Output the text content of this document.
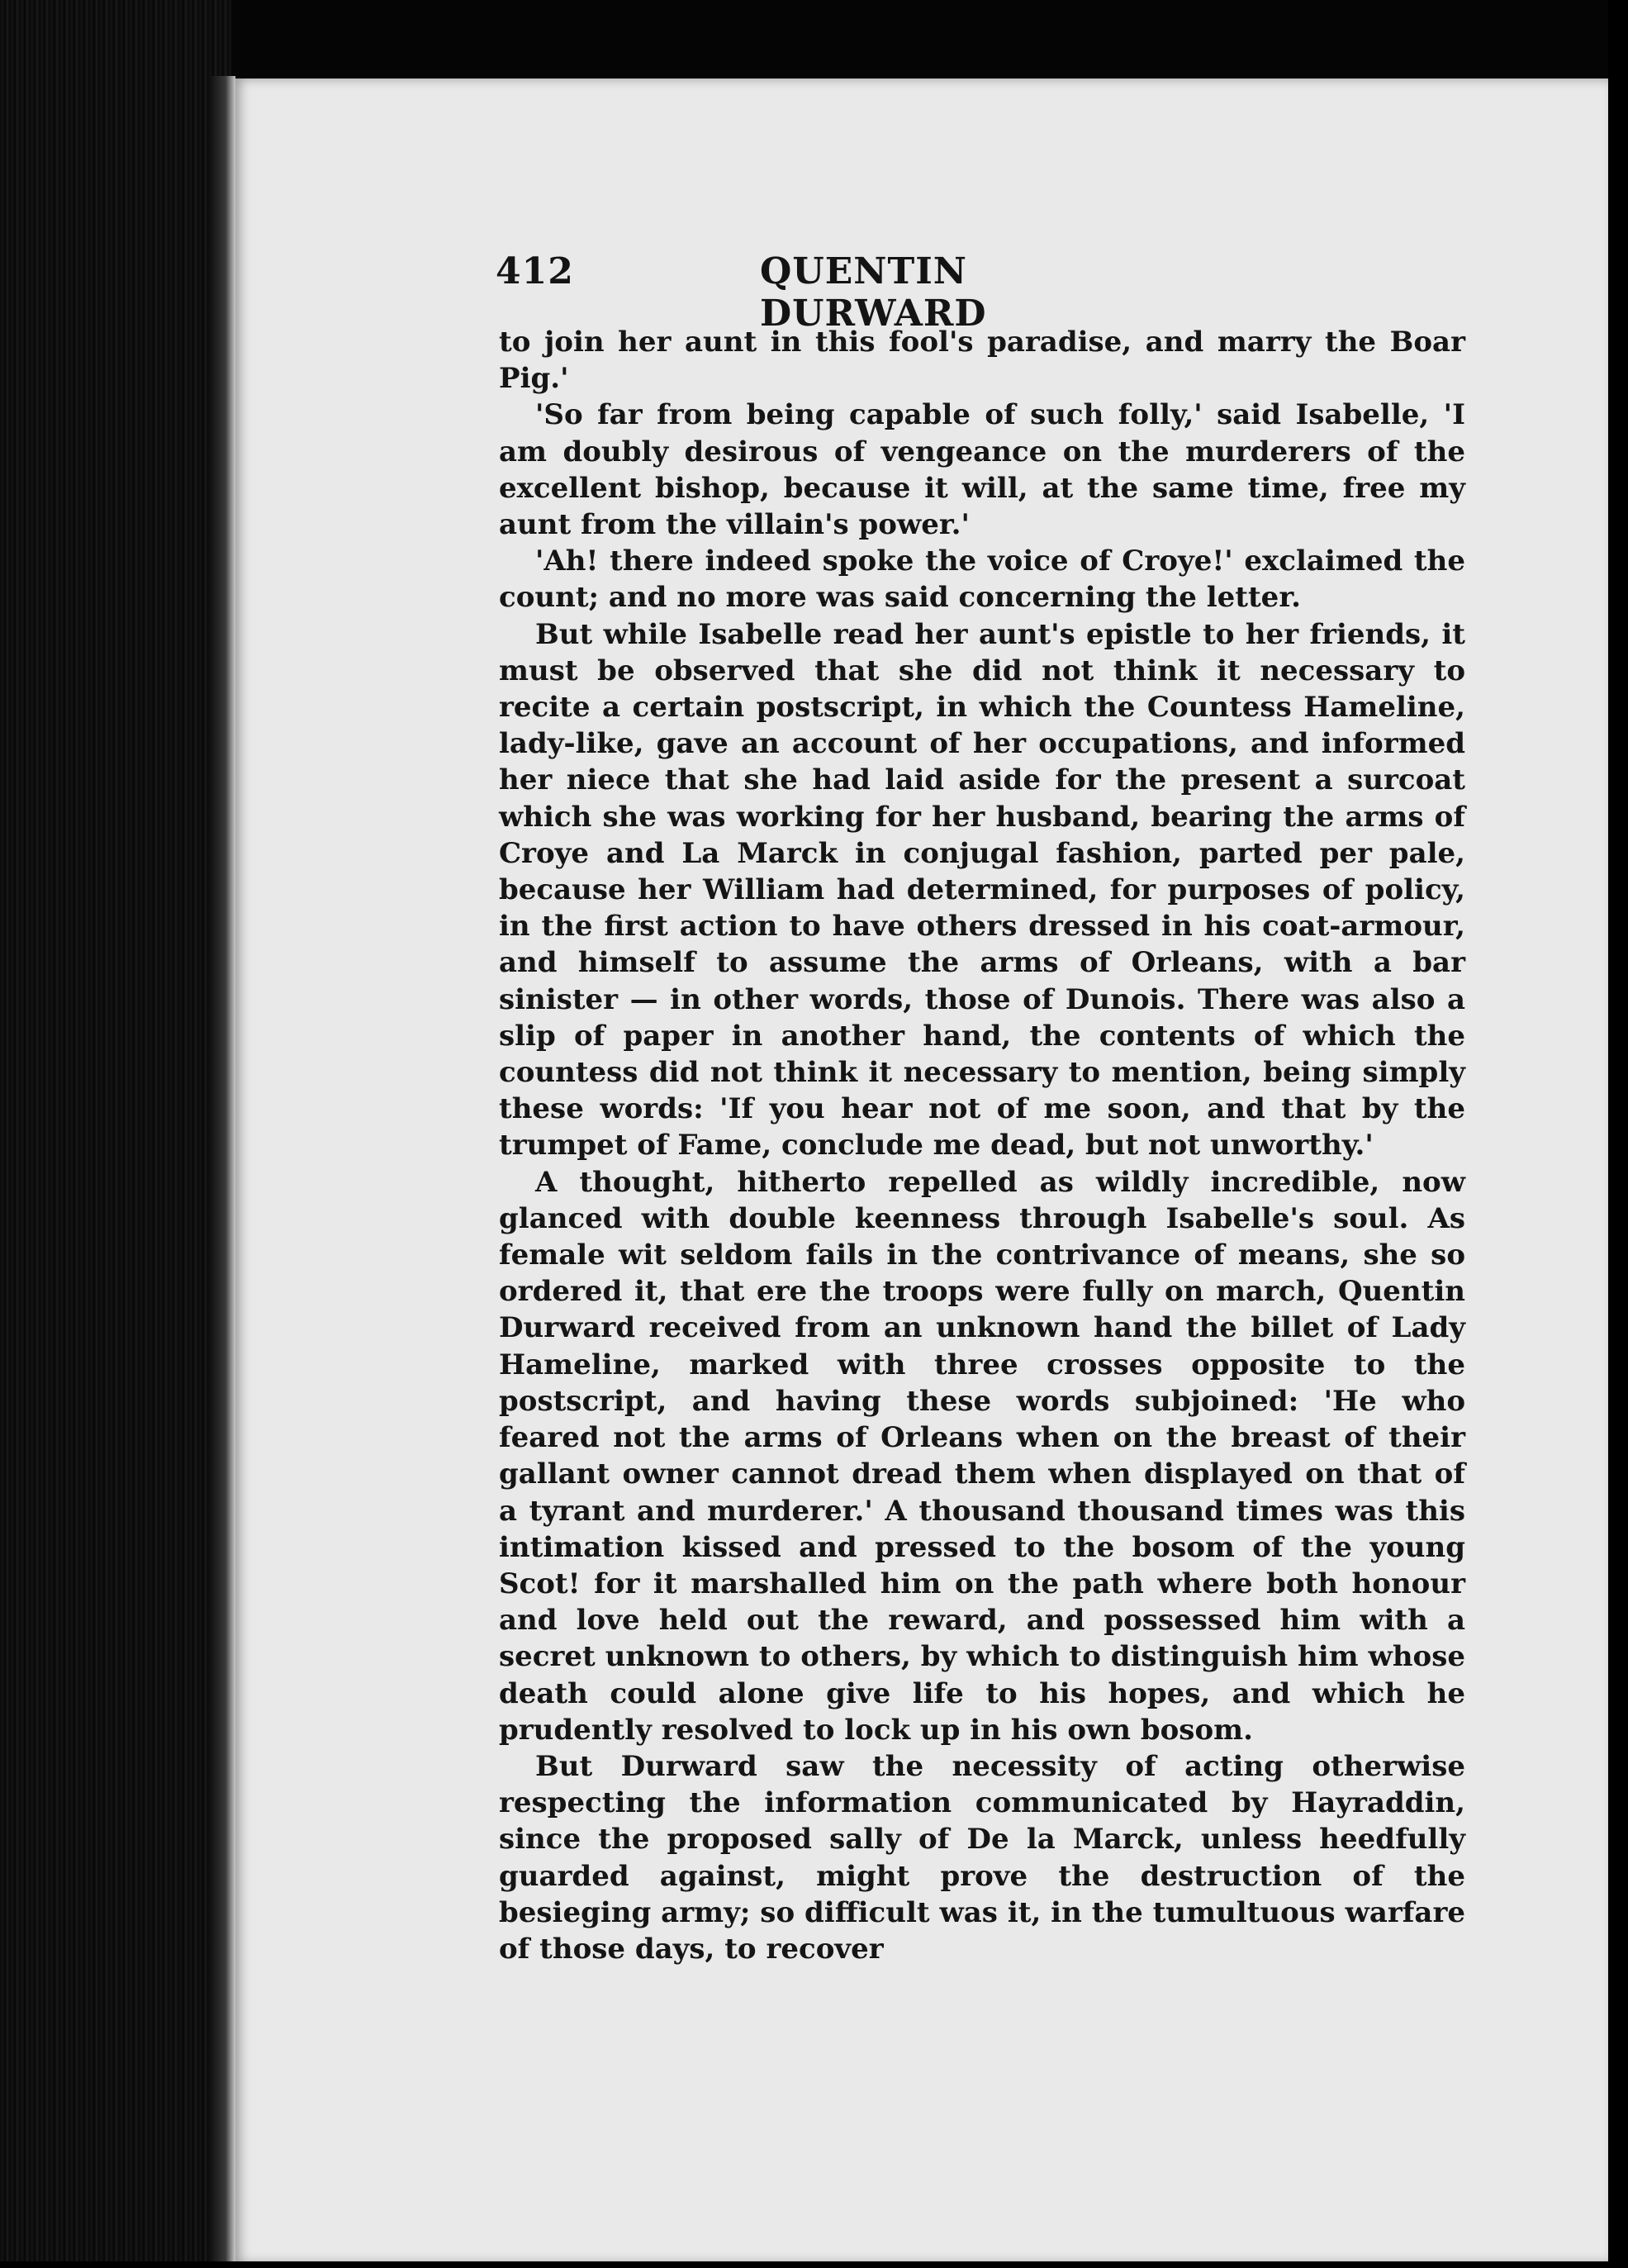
412	QUENTIN DURWARD

to join her aunt in this fool's paradise, and marry the Boar Pig.'

'So far from being capable of such folly,' said Isabelle, 'I am doubly desirous of vengeance on the murderers of the excellent bishop, because it will, at the same time, free my aunt from the villain's power.'

'Ah! there indeed spoke the voice of Croye!' exclaimed the count; and no more was said concerning the letter.

But while Isabelle read her aunt's epistle to her friends, it must be observed that she did not think it necessary to recite a certain postscript, in which the Countess Hameline, lady-like, gave an account of her occupations, and informed her niece that she had laid aside for the present a surcoat which she was working for her husband, bearing the arms of Croye and La Marck in conjugal fashion, parted per pale, because her William had determined, for purposes of policy, in the first action to have others dressed in his coat-armour, and himself to assume the arms of Orleans, with a bar sinister — in other words, those of Dunois. There was also a slip of paper in another hand, the contents of which the countess did not think it necessary to mention, being simply these words: 'If you hear not of me soon, and that by the trumpet of Fame, conclude me dead, but not unworthy.'

A thought, hitherto repelled as wildly incredible, now glanced with double keenness through Isabelle's soul. As female wit seldom fails in the contrivance of means, she so ordered it, that ere the troops were fully on march, Quentin Durward received from an unknown hand the billet of Lady Hameline, marked with three crosses opposite to the postscript, and having these words subjoined: 'He who feared not the arms of Orleans when on the breast of their gallant owner cannot dread them when displayed on that of a tyrant and murderer.' A thousand thousand times was this intimation kissed and pressed to the bosom of the young Scot! for it marshalled him on the path where both honour and love held out the reward, and possessed him with a secret unknown to others, by which to distinguish him whose death could alone give life to his hopes, and which he prudently resolved to lock up in his own bosom.

But Durward saw the necessity of acting otherwise respecting the information communicated by Hayraddin, since the proposed sally of De la Marck, unless heedfully guarded against, might prove the destruction of the besieging army; so difficult was it, in the tumultuous warfare of those days, to recover
